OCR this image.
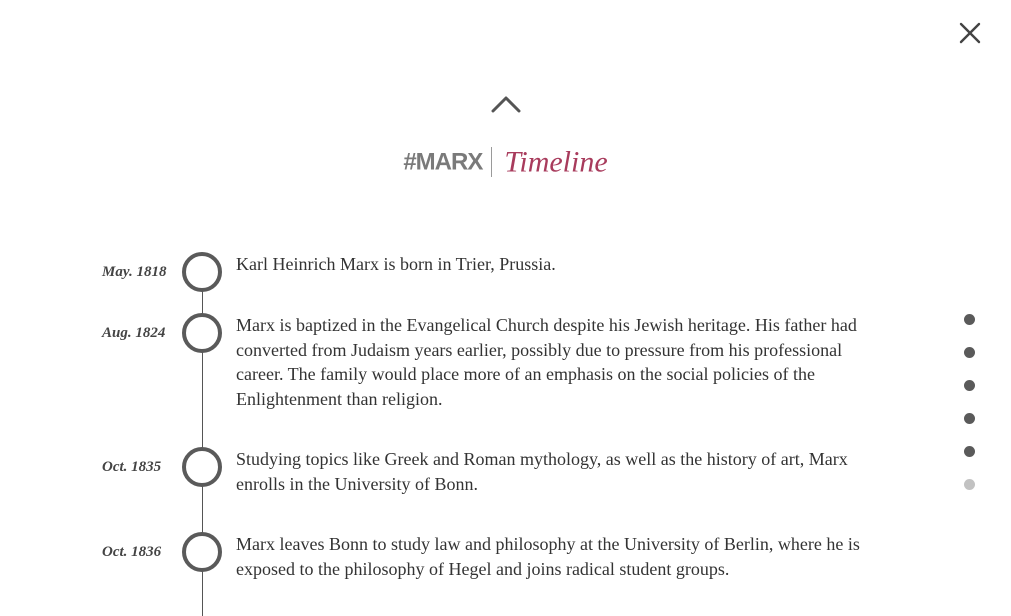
#MARX Timeline
May. 1818	Karl Heinrich Marx is born in Trier, Prussia.
Aug. 1824	Marx is baptized in the Evangelical Church despite his Jewish heritage. His father had converted from Judaism years earlier, possibly due to pressure from his professional career. The family would place more of an emphasis on the social policies of the Enlightenment than religion.
Oct. 1835	Studying topics like Greek and Roman mythology, as well as the history of art, Marx enrolls in the University of Bonn.
Oct. 1836	Marx leaves Bonn to study law and philosophy at the University of Berlin, where he is exposed to the philosophy of Hegel and joins radical student groups.
